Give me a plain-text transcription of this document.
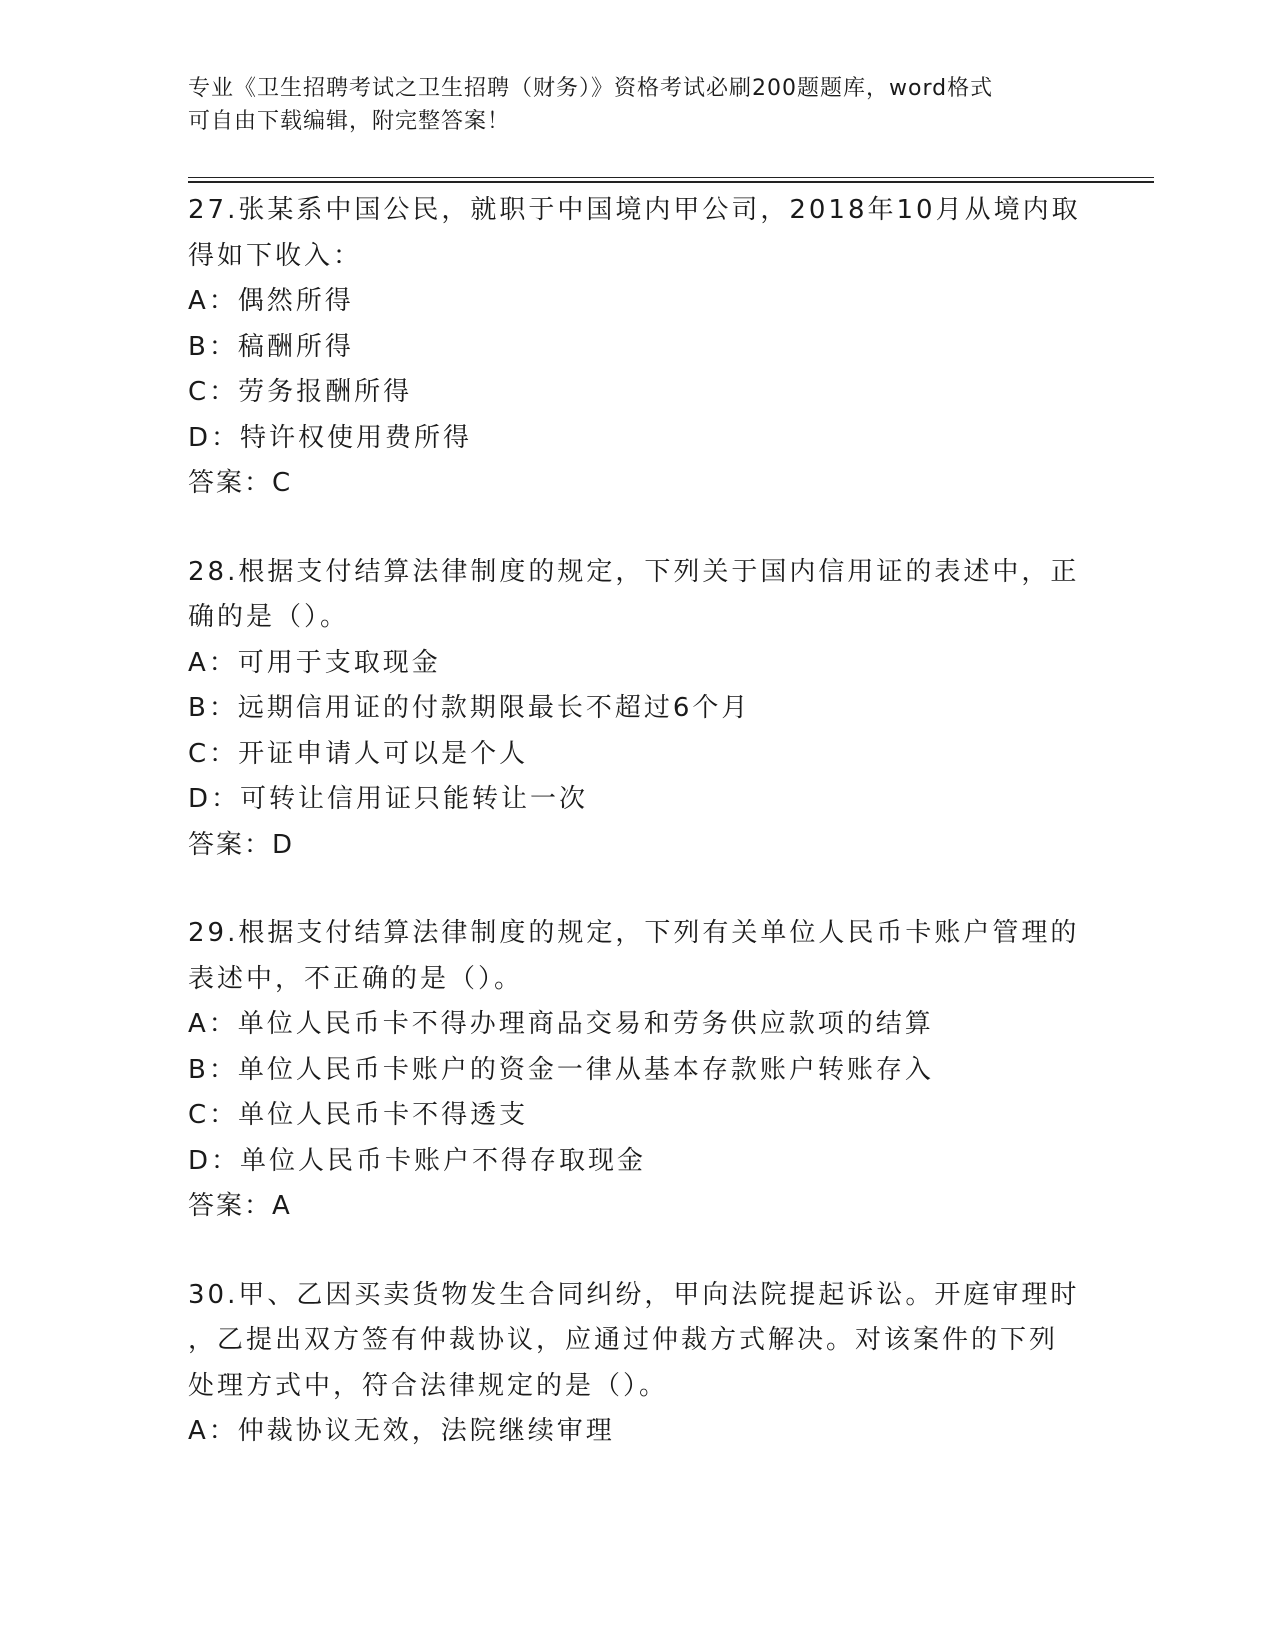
专业《卫生招聘考试之卫生招聘（财务）》资格考试必刷200题题库，word格式
可自由下载编辑，附完整答案！
27.张某系中国公民，就职于中国境内甲公司，2018年10月从境内取
得如下收入：
A：偶然所得
B：稿酬所得
C：劳务报酬所得
D：特许权使用费所得
答案：C
28.根据支付结算法律制度的规定，下列关于国内信用证的表述中，正
确的是（）。
A：可用于支取现金
B：远期信用证的付款期限最长不超过6个月
C：开证申请人可以是个人
D：可转让信用证只能转让一次
答案：D
29.根据支付结算法律制度的规定，下列有关单位人民币卡账户管理的
表述中，不正确的是（）。
A：单位人民币卡不得办理商品交易和劳务供应款项的结算
B：单位人民币卡账户的资金一律从基本存款账户转账存入
C：单位人民币卡不得透支
D：单位人民币卡账户不得存取现金
答案：A
30.甲、乙因买卖货物发生合同纠纷，甲向法院提起诉讼。开庭审理时
，乙提出双方签有仲裁协议，应通过仲裁方式解决。对该案件的下列
处理方式中，符合法律规定的是（）。
A：仲裁协议无效，法院继续审理
